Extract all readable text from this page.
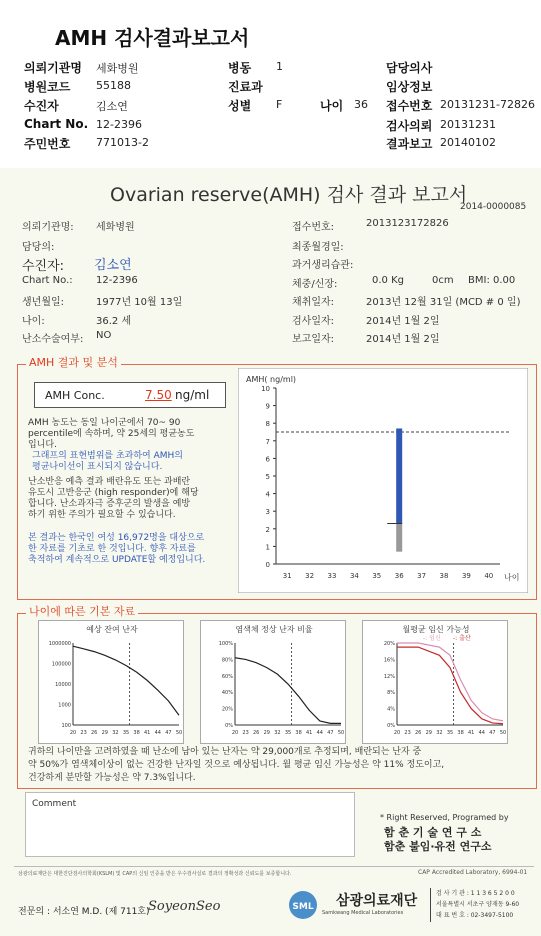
AMH 검사결과보고서
의뢰기관명 세화병원
병원코드 55188
수진자	김소연
Chart No. 12-2396
주민번호 771013-2
병동 1
진료과
성별 F	나이 36
담당의사
임상정보
접수번호 20131231-72826
검사의뢰 20131231
결과보고 20140102
Ovarian reserve(AMH) 검사 결과 보고서
2014-0000085
의뢰기관명: 세화병원
담당의:
수진자: 김소연
Chart No.: 12-2396
생년월일:	1977년 10월 13일
나이:	36.2 세
난소수술여부: NO
접수번호:	2013123172826
최종월경일:
과거생리습관:
체중/신장:	0.0 Kg	0cm BMI: 0.00
채취일자:	2013년 12월 31일 (MCD # 0 일)
검사일자:	2014년 1월 2일
보고일자:	2014년 1월 2일
AMH 결과 및 분석
AMH Conc.	7.50 ng/ml
AMH 농도는 동일 나이군에서 70~ 90
percentile에 속하며, 약 25세의 평균농도
입니다.
그래프의 표현범위를 초과하여 AMH의
평균나이선이 표시되지 않습니다.
난소반응 예측 결과 배란유도 또는 과배란
유도시 고반응군 (high responder)에 해당
합니다. 난소과자극 증후군의 발생을 예방
하기 위한 주의가 필요할 수 있습니다.
본 결과는 한국인 여성 16,972명을 대상으로
한 자료를 기초로 한 것입니다. 향후 자료를
축적하여 계속적으로 UPDATE할 예정입니다.
AMH( ng/ml)
0
1
2
3
4
5
6
7
8
9
10
31 32 33 34 35 36 37 38 39 40 나이
나이에 따른 기본 자료
예상 잔여 난자
1000000
100000
10000
1000
100
20 23 26 29 32 35 38 41 44 47 50
염색체 정상 난자 비율
100%
80%
60%
40%
20%
0%
20 23 26 29 32 35 38 41 44 47 50
월평균 임신 가능성
20%
16%
12%
8%
4%
0%
20 23 26 29 32 35 38 41 44 47 50
-: 임신 -: 출산
귀하의 나이만을 고려하였을 때 난소에 남아 있는 난자는 약 29,000개로 추정되며, 배란되는 난자 중
약 50%가 염색체이상이 없는 건강한 난자일 것으로 예상됩니다. 월 평균 임신 가능성은 약 11% 정도이고,
건강하게 분만할 가능성은 약 7.3%입니다.
Comment
* Right Reserved, Programed by
함 춘 기 술 연 구 소
함춘 불임·유전 연구소
삼광의료재단은 대한진단검사의학회(KSLM) 및 CAP의 신임 인증을 받은 우수검사실로 결과의 정확성과 신뢰도를 보증합니다.	CAP Accredited Laboratory, 6994-01
전문의 : 서소연 M.D. (제 711호)
SoyeonSeo	SML 삼광의료재단
Samkwang Medical Laboratories
검 사 기 관 : 1 1 3 6 5 2 0 0
서울특별시 서초구 양재동 9-60
대 표 번 호 : 02-3497-5100
